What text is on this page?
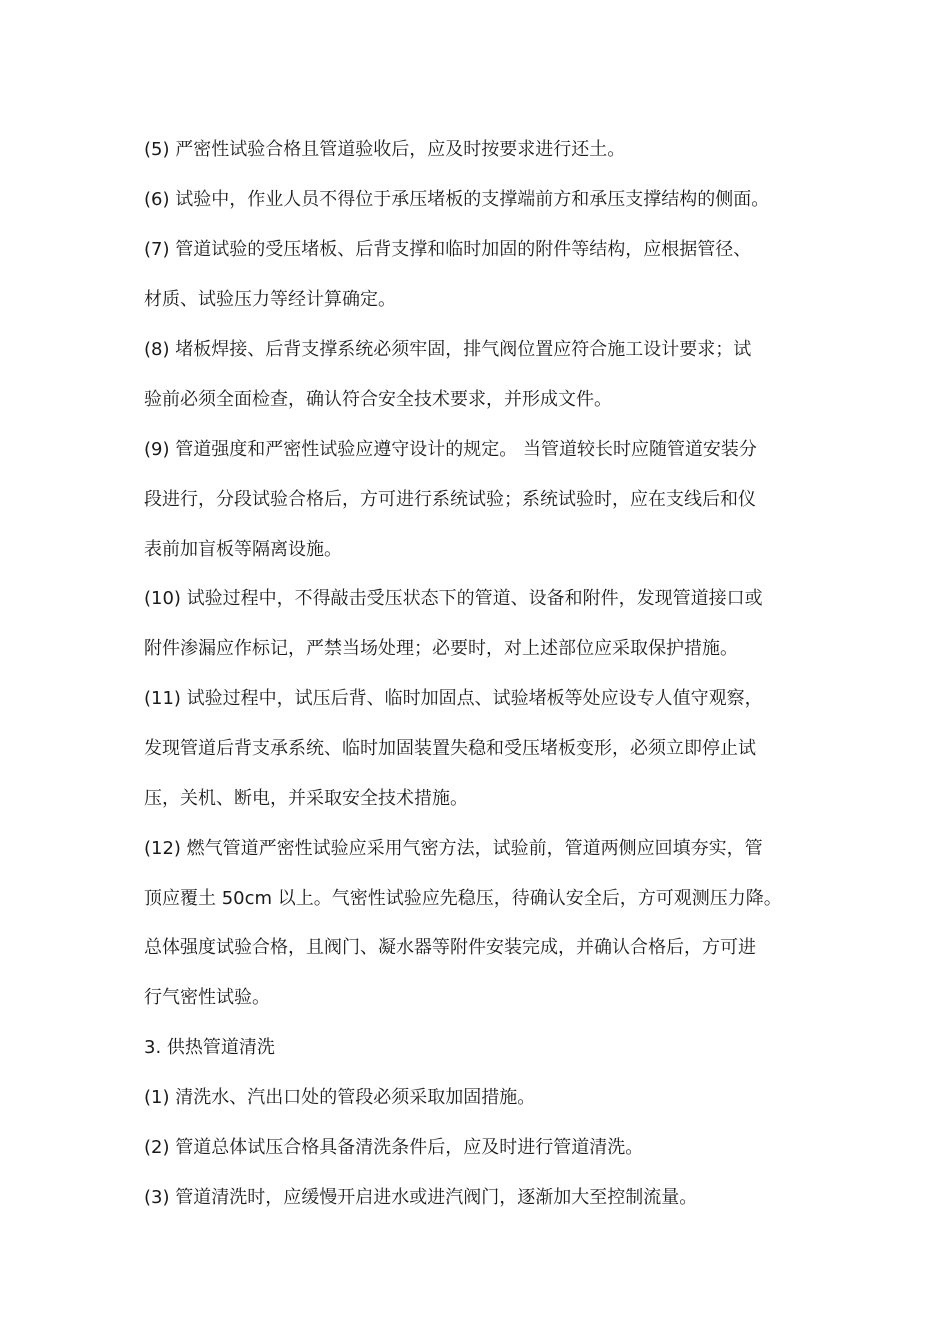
(5) 严密性试验合格且管道验收后，应及时按要求进行还土。

(6) 试验中，作业人员不得位于承压堵板的支撑端前方和承压支撑结构的侧面。

(7) 管道试验的受压堵板、后背支撑和临时加固的附件等结构，应根据管径、

材质、试验压力等经计算确定。

(8) 堵板焊接、后背支撑系统必须牢固，排气阀位置应符合施工设计要求；试

验前必须全面检查，确认符合安全技术要求，并形成文件。

(9) 管道强度和严密性试验应遵守设计的规定。 当管道较长时应随管道安装分

段进行，分段试验合格后，方可进行系统试验；系统试验时，应在支线后和仪

表前加盲板等隔离设施。

(10) 试验过程中，不得敲击受压状态下的管道、设备和附件，发现管道接口或

附件渗漏应作标记，严禁当场处理；必要时，对上述部位应采取保护措施。

(11) 试验过程中，试压后背、临时加固点、试验堵板等处应设专人值守观察，

发现管道后背支承系统、临时加固装置失稳和受压堵板变形，必须立即停止试

压，关机、断电，并采取安全技术措施。

(12) 燃气管道严密性试验应采用气密方法，试验前，管道两侧应回填夯实，管

顶应覆土 50cm 以上。气密性试验应先稳压，待确认安全后，方可观测压力降。

总体强度试验合格，且阀门、凝水器等附件安装完成，并确认合格后，方可进

行气密性试验。

3. 供热管道清洗

(1) 清洗水、汽出口处的管段必须采取加固措施。

(2) 管道总体试压合格具备清洗条件后，应及时进行管道清洗。

(3) 管道清洗时，应缓慢开启进水或进汽阀门，逐渐加大至控制流量。
